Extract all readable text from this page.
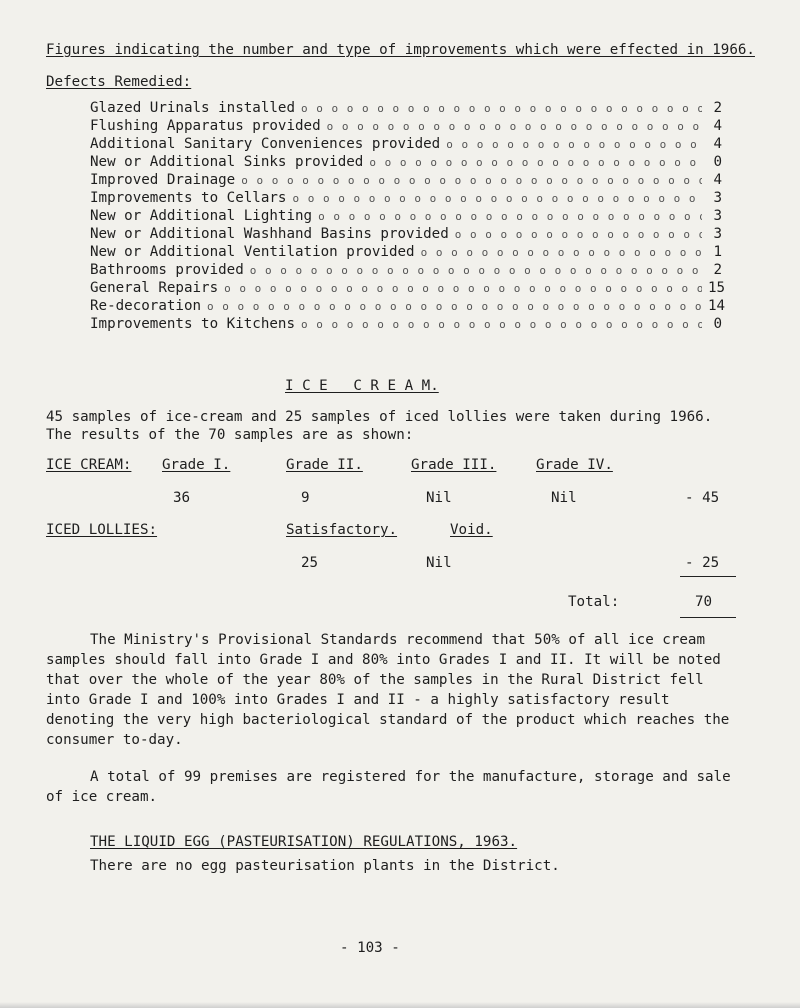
Figures indicating the number and type of improvements which were effected in 1966.
Defects Remedied:
Glazed Urinals installed o o o o o o o o o o o o o o o o o o o o o o o o o o o o o o o o o o o o o o o o o o o o o o o o o o o o o o o o o o o o o o o o o o o o o o	2
Flushing Apparatus provided o o o o o o o o o o o o o o o o o o o o o o o o o o o o o o o o o o o o o o o o o o o o o o o o o o o o o o o o o o o o o o o o o o o o o o	4
Additional Sanitary Conveniences provided o o o o o o o o o o o o o o o o o o o o o o o o o o o o o o o o o o o o o o o o o o o o o o o o o o o o o o o o o o o o o o o o o o o o o o	4
New or Additional Sinks provided o o o o o o o o o o o o o o o o o o o o o o o o o o o o o o o o o o o o o o o o o o o o o o o o o o o o o o o o o o o o o o o o o o o o o o	0
Improved Drainage o o o o o o o o o o o o o o o o o o o o o o o o o o o o o o o o o o o o o o o o o o o o o o o o o o o o o o o o o o o o o o o o o o o o o o	4
Improvements to Cellars o o o o o o o o o o o o o o o o o o o o o o o o o o o o o o o o o o o o o o o o o o o o o o o o o o o o o o o o o o o o o o o o o o o o o o	3
New or Additional Lighting o o o o o o o o o o o o o o o o o o o o o o o o o o o o o o o o o o o o o o o o o o o o o o o o o o o o o o o o o o o o o o o o o o o o o o	3
New or Additional Washhand Basins provided o o o o o o o o o o o o o o o o o o o o o o o o o o o o o o o o o o o o o o o o o o o o o o o o o o o o o o o o o o o o o o o o o o o o o o	3
New or Additional Ventilation provided o o o o o o o o o o o o o o o o o o o o o o o o o o o o o o o o o o o o o o o o o o o o o o o o o o o o o o o o o o o o o o o o o o o o o o	1
Bathrooms provided o o o o o o o o o o o o o o o o o o o o o o o o o o o o o o o o o o o o o o o o o o o o o o o o o o o o o o o o o o o o o o o o o o o o o o	2
General Repairs o o o o o o o o o o o o o o o o o o o o o o o o o o o o o o o o o o o o o o o o o o o o o o o o o o o o o o o o o o o o o o o o o o o o o o	15
Re-decoration o o o o o o o o o o o o o o o o o o o o o o o o o o o o o o o o o o o o o o o o o o o o o o o o o o o o o o o o o o o o o o o o o o o o o o	14
Improvements to Kitchens o o o o o o o o o o o o o o o o o o o o o o o o o o o o o o o o o o o o o o o o o o o o o o o o o o o o o o o o o o o o o o o o o o o o o o	0
I C E   C R E A M.
45 samples of ice-cream and 25 samples of iced lollies were taken during 1966.
The results of the 70 samples are as shown:
ICE CREAM: Grade I.	Grade II.	Grade III.	Grade IV.
36	9	Nil	Nil	- 45
ICED LOLLIES:	Satisfactory.	Void.
25	Nil	- 25
Total:	70
The Ministry's Provisional Standards recommend that 50% of all ice cream samples should fall into Grade I and 80% into Grades I and II. It will be noted that over the whole of the year 80% of the samples in the Rural District fell into Grade I and 100% into Grades I and II - a highly satisfactory result denoting the very high bacteriological standard of the product which reaches the consumer to-day.
A total of 99 premises are registered for the manufacture, storage and sale of ice cream.
THE LIQUID EGG (PASTEURISATION) REGULATIONS, 1963.
There are no egg pasteurisation plants in the District.
- 103 -
